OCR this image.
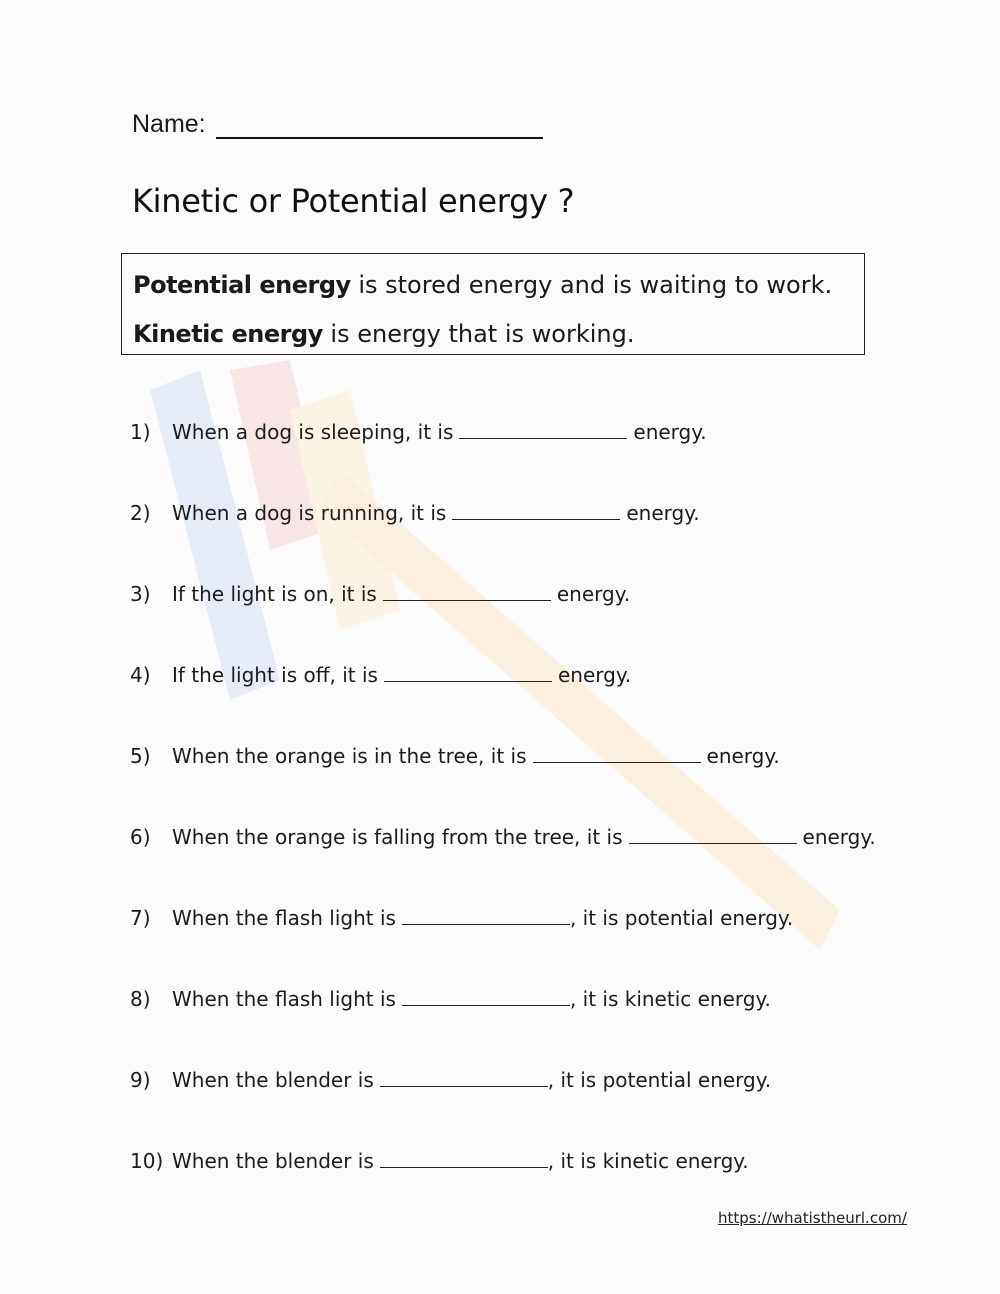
Name:
Kinetic or Potential energy ?
Potential energy is stored energy and is waiting to work.
Kinetic energy is energy that is working.
1)	When a dog is sleeping, it is	energy.
2)	When a dog is running, it is	energy.
3)	If the light is on, it is	energy.
4)	If the light is off, it is	energy.
5)	When the orange is in the tree, it is	energy.
6)	When the orange is falling from the tree, it is	energy.
7)	When the flash light is	, it is potential energy.
8)	When the flash light is	, it is kinetic energy.
9)	When the blender is	, it is potential energy.
10) When the blender is	, it is kinetic energy.
https://whatistheurl.com/
